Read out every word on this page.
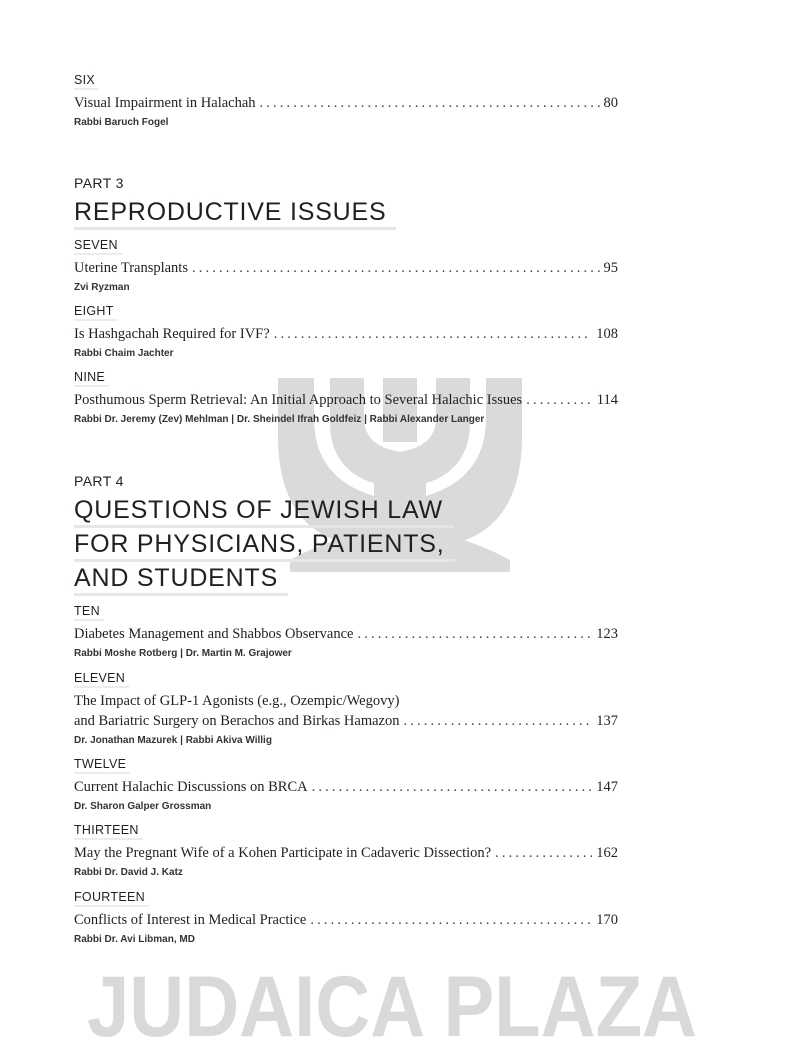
JUDAICA PLAZA
SIX
Visual Impairment in Halachah . . .	80
Rabbi Baruch Fogel
PART 3
REPRODUCTIVE ISSUES
SEVEN
Uterine Transplants . . .	95
Zvi Ryzman
EIGHT
Is Hashgachah Required for IVF? . . .	108
Rabbi Chaim Jachter
NINE
Posthumous Sperm Retrieval: An Initial Approach to Several Halachic Issues . . .	114
Rabbi Dr. Jeremy (Zev) Mehlman | Dr. Sheindel Ifrah Goldfeiz | Rabbi Alexander Langer
PART 4
QUESTIONS OF JEWISH LAW
FOR PHYSICIANS, PATIENTS,
AND STUDENTS
TEN
Diabetes Management and Shabbos Observance . . .	123
Rabbi Moshe Rotberg | Dr. Martin M. Grajower
ELEVEN
The Impact of GLP-1 Agonists (e.g., Ozempic/Wegovy)
and Bariatric Surgery on Berachos and Birkas Hamazon . . .	137
Dr. Jonathan Mazurek | Rabbi Akiva Willig
TWELVE
Current Halachic Discussions on BRCA . . .	147
Dr. Sharon Galper Grossman
THIRTEEN
May the Pregnant Wife of a Kohen Participate in Cadaveric Dissection? . . .	162
Rabbi Dr. David J. Katz
FOURTEEN
Conflicts of Interest in Medical Practice . . .	170
Rabbi Dr. Avi Libman, MD
